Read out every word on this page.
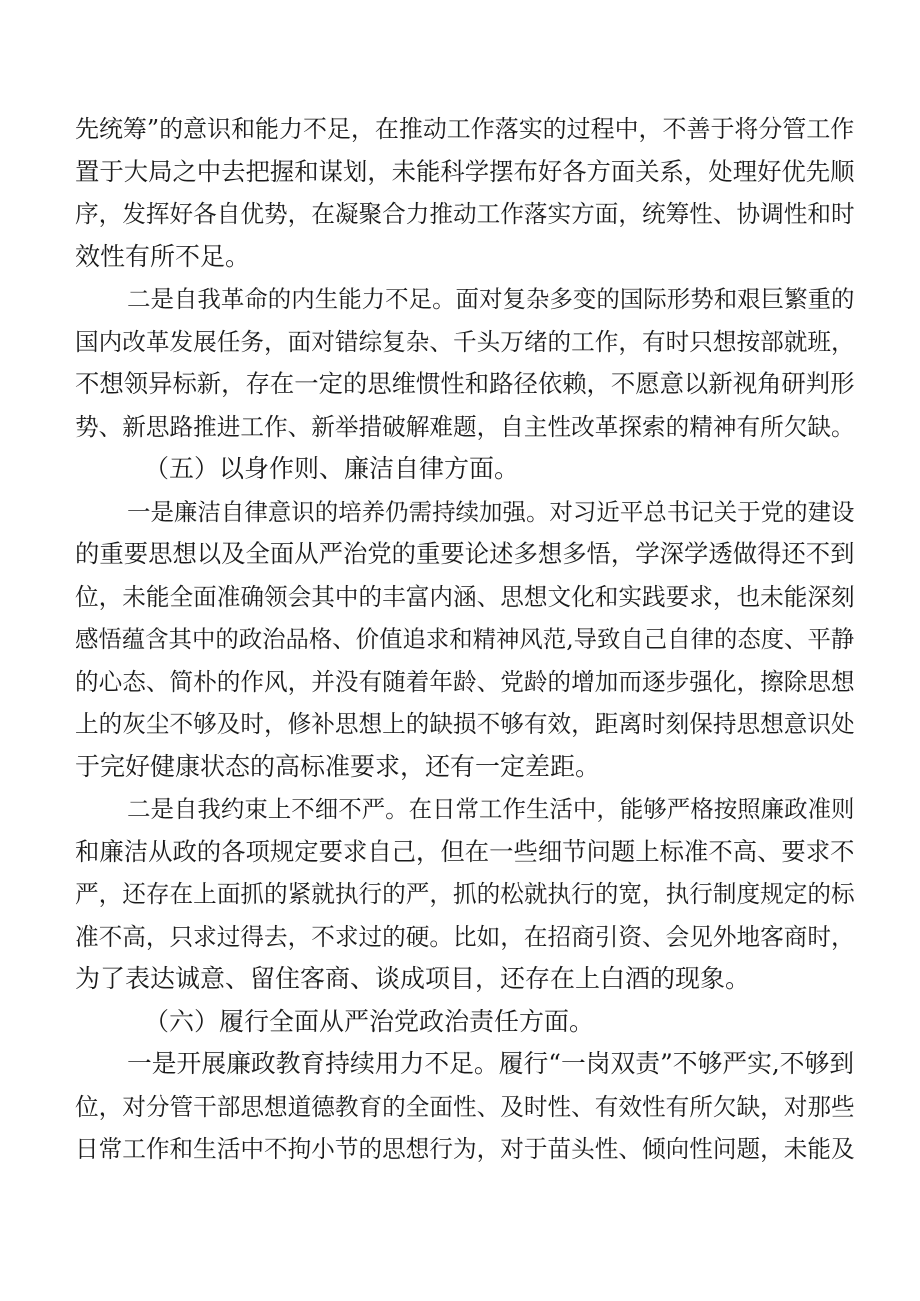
先统筹”的意识和能力不足，在推动工作落实的过程中，不善于将分管工作
置于大局之中去把握和谋划，未能科学摆布好各方面关系，处理好优先顺
序，发挥好各自优势，在凝聚合力推动工作落实方面，统筹性、协调性和时
效性有所不足。
二是自我革命的内生能力不足。面对复杂多变的国际形势和艰巨繁重的
国内改革发展任务，面对错综复杂、千头万绪的工作，有时只想按部就班，
不想领异标新，存在一定的思维惯性和路径依赖，不愿意以新视角研判形
势、新思路推进工作、新举措破解难题，自主性改革探索的精神有所欠缺。
（五）以身作则、廉洁自律方面。
一是廉洁自律意识的培养仍需持续加强。对习近平总书记关于党的建设
的重要思想以及全面从严治党的重要论述多想多悟，学深学透做得还不到
位，未能全面准确领会其中的丰富内涵、思想文化和实践要求，也未能深刻
感悟蕴含其中的政治品格、价值追求和精神风范,导致自己自律的态度、平静
的心态、简朴的作风，并没有随着年龄、党龄的增加而逐步强化，擦除思想
上的灰尘不够及时，修补思想上的缺损不够有效，距离时刻保持思想意识处
于完好健康状态的高标准要求，还有一定差距。
二是自我约束上不细不严。在日常工作生活中，能够严格按照廉政准则
和廉洁从政的各项规定要求自己，但在一些细节问题上标准不高、要求不
严，还存在上面抓的紧就执行的严，抓的松就执行的宽，执行制度规定的标
准不高，只求过得去，不求过的硬。比如，在招商引资、会见外地客商时，
为了表达诚意、留住客商、谈成项目，还存在上白酒的现象。
（六）履行全面从严治党政治责任方面。
一是开展廉政教育持续用力不足。履行“一岗双责”不够严实,不够到
位，对分管干部思想道德教育的全面性、及时性、有效性有所欠缺，对那些
日常工作和生活中不拘小节的思想行为，对于苗头性、倾向性问题，未能及
